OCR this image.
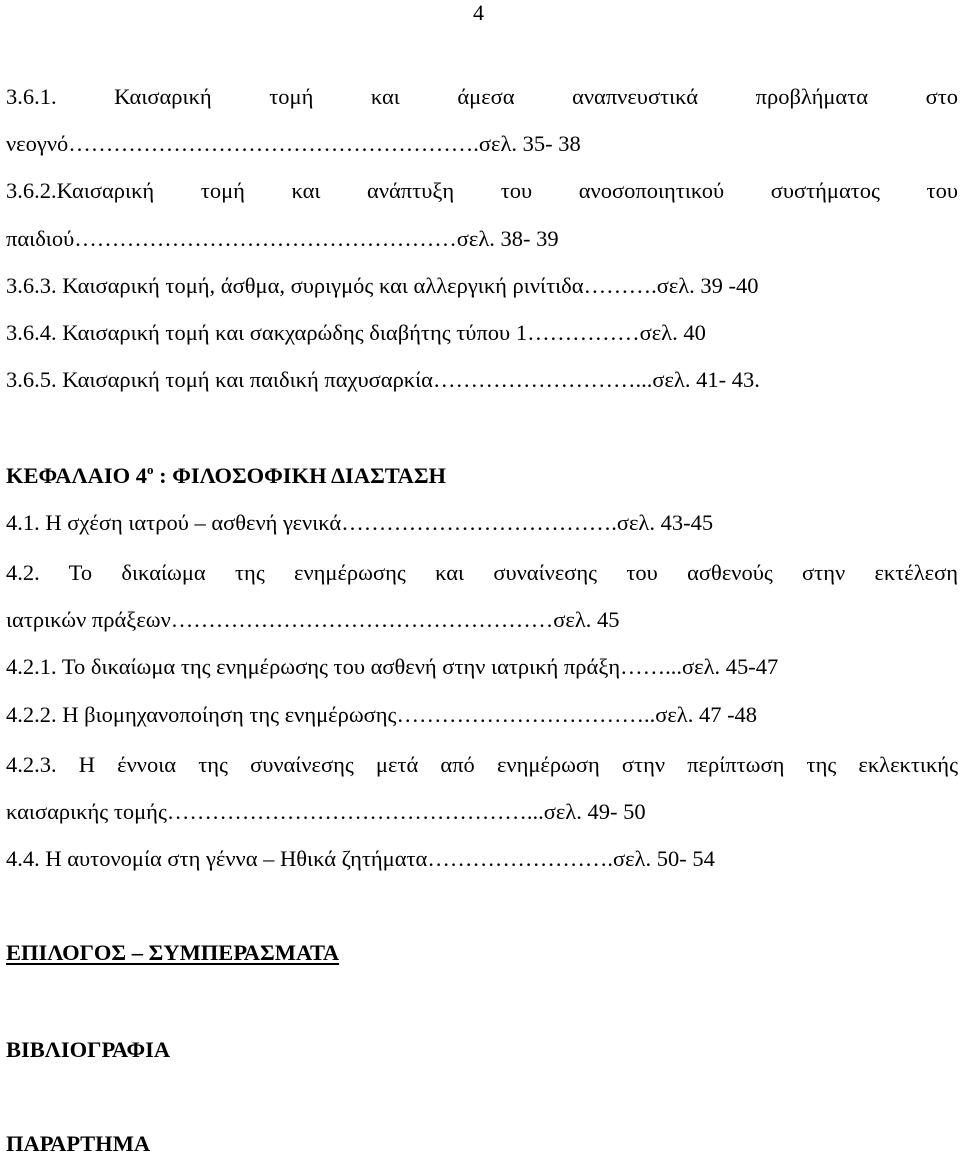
4
3.6.1. Καισαρική τομή και άμεσα αναπνευστικά προβλήματα στο
νεογνό……………………………………………….σελ. 35- 38
3.6.2.Καισαρική τομή και ανάπτυξη του ανοσοποιητικού συστήματος του
παιδιού……………………………………………σελ. 38- 39
3.6.3. Καισαρική τομή, άσθμα, συριγμός και αλλεργική ρινίτιδα……….σελ. 39 -40
3.6.4. Καισαρική τομή και σακχαρώδης διαβήτης τύπου 1……………σελ. 40
3.6.5. Καισαρική τομή και παιδική παχυσαρκία………………………...σελ. 41- 43.
ΚΕΦΑΛΑΙΟ $4^o$ : ΦΙΛΟΣΟΦΙΚΗ ΔΙΑΣΤΑΣΗ
4.1. Η σχέση ιατρού – ασθενή γενικά……………………………….σελ. 43-45
4.2. Το δικαίωμα της ενημέρωσης και συναίνεσης του ασθενούς στην εκτέλεση
ιατρικών πράξεων……………………………………………σελ. 45
4.2.1. Το δικαίωμα της ενημέρωσης του ασθενή στην ιατρική πράξη……...σελ. 45-47
4.2.2. Η βιομηχανοποίηση της ενημέρωσης……………………………..σελ. 47 -48
4.2.3. Η έννοια της συναίνεσης μετά από ενημέρωση στην περίπτωση της εκλεκτικής
καισαρικής τομής…………………………………………...σελ. 49- 50
4.4. Η αυτονομία στη γέννα – Ηθικά ζητήματα…………………….σελ. 50- 54
ΕΠΙΛΟΓΟΣ – ΣΥΜΠΕΡΑΣΜΑΤΑ
ΒΙΒΛΙΟΓΡΑΦΙΑ
ΠΑΡΑΡΤΗΜΑ
